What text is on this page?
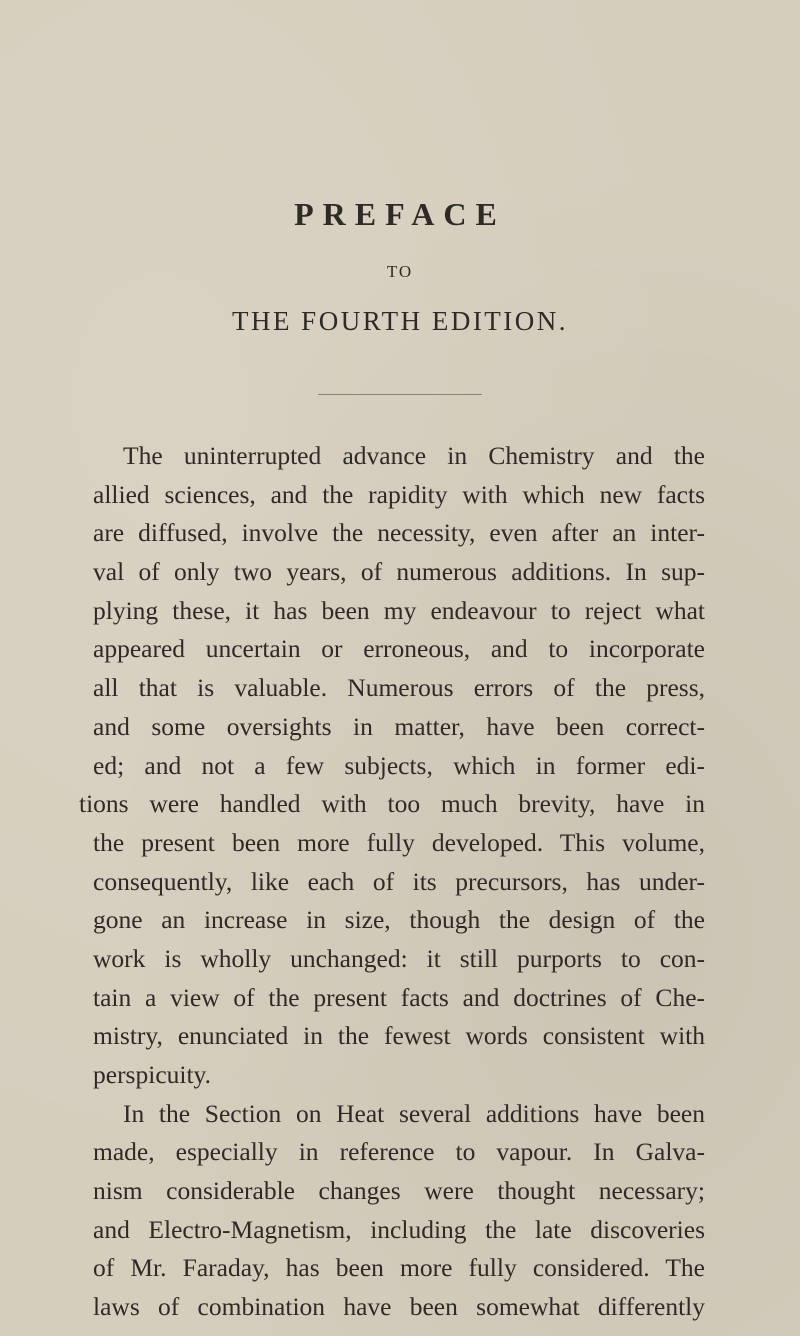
PREFACE
TO
THE FOURTH EDITION.
The uninterrupted advance in Chemistry and the
allied sciences, and the rapidity with which new facts
are diffused, involve the necessity, even after an inter-
val of only two years, of numerous additions. In sup-
plying these, it has been my endeavour to reject what
appeared uncertain or erroneous, and to incorporate
all that is valuable. Numerous errors of the press,
and some oversights in matter, have been correct-
ed; and not a few subjects, which in former edi-
tions were handled with too much brevity, have in
the present been more fully developed. This volume,
consequently, like each of its precursors, has under-
gone an increase in size, though the design of the
work is wholly unchanged: it still purports to con-
tain a view of the present facts and doctrines of Che-
mistry, enunciated in the fewest words consistent with
perspicuity.
In the Section on Heat several additions have been
made, especially in reference to vapour. In Galva-
nism considerable changes were thought necessary;
and Electro-Magnetism, including the late discoveries
of Mr. Faraday, has been more fully considered. The
laws of combination have been somewhat differently
